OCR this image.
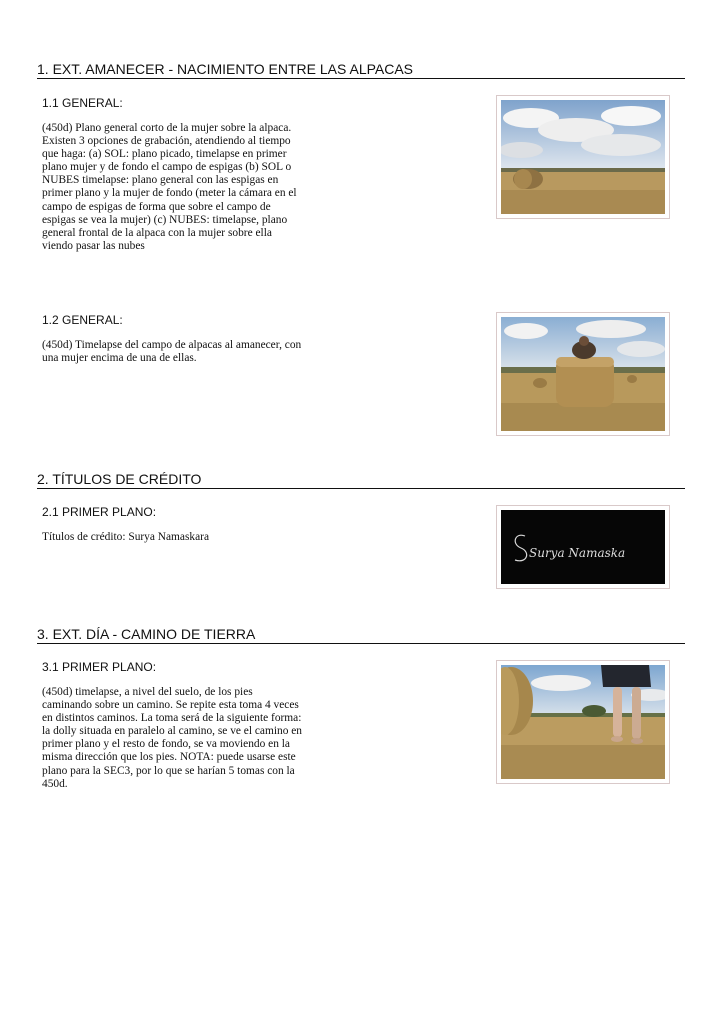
1. EXT. AMANECER - NACIMIENTO ENTRE LAS ALPACAS
1.1 GENERAL:

(450d) Plano general corto de la mujer sobre la alpaca. Existen 3 opciones de grabación, atendiendo al tiempo que haga: (a) SOL: plano picado, timelapse en primer plano mujer y de fondo el campo de espigas (b) SOL o NUBES timelapse: plano general con las espigas en primer plano y la mujer de fondo (meter la cámara en el campo de espigas de forma que sobre el campo de espigas se vea la mujer) (c) NUBES: timelapse, plano general frontal de la alpaca con la mujer sobre ella viendo pasar las nubes

1.2 GENERAL:

(450d) Timelapse del campo de alpacas al amanecer, con una mujer encima de una de ellas.

2. TÍTULOS DE CRÉDITO
2.1 PRIMER PLANO:

Títulos de crédito: Surya Namaskara

Surya Namaska
3. EXT. DÍA - CAMINO DE TIERRA
3.1 PRIMER PLANO:

(450d) timelapse, a nivel del suelo, de los pies caminando sobre un camino. Se repite esta toma 4 veces en distintos caminos. La toma será de la siguiente forma: la dolly situada en paralelo al camino, se ve el camino en primer plano y el resto de fondo, se va moviendo en la misma dirección que los pies. NOTA: puede usarse este plano para la SEC3, por lo que se harían 5 tomas con la 450d.
